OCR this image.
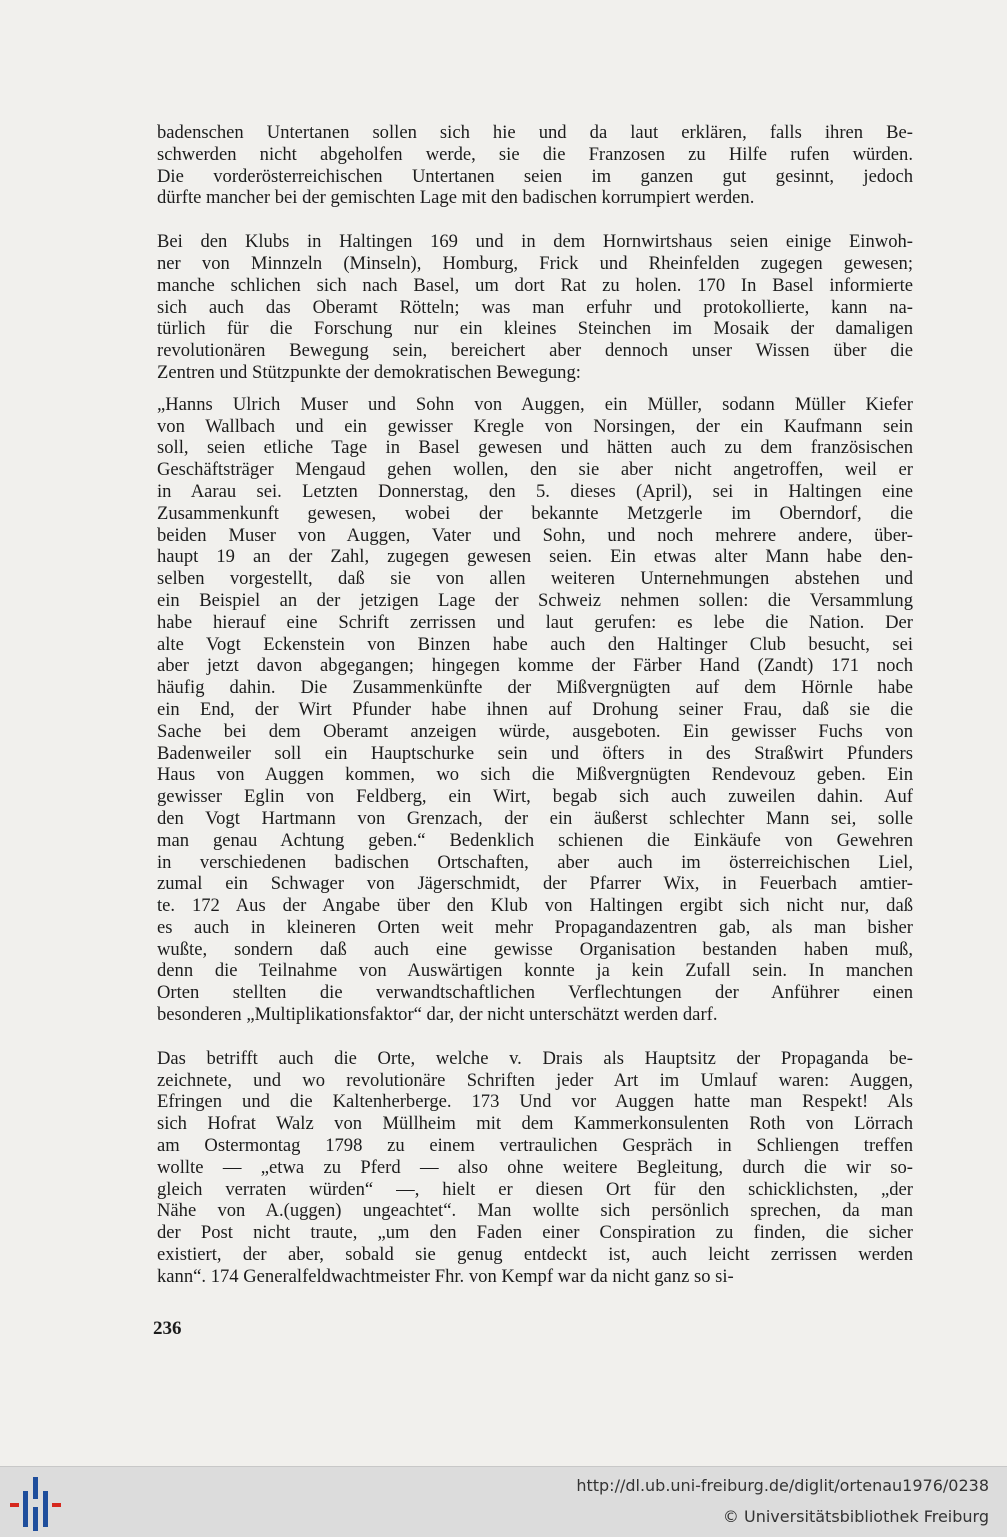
badenschen Untertanen sollen sich hie und da laut erklären, falls ihren Be-
schwerden nicht abgeholfen werde, sie die Franzosen zu Hilfe rufen würden.
Die vorderösterreichischen Untertanen seien im ganzen gut gesinnt, jedoch
dürfte mancher bei der gemischten Lage mit den badischen korrumpiert werden.

Bei den Klubs in Haltingen 169 und in dem Hornwirtshaus seien einige Einwoh-
ner von Minnzeln (Minseln), Homburg, Frick und Rheinfelden zugegen gewesen;
manche schlichen sich nach Basel, um dort Rat zu holen. 170 In Basel informierte
sich auch das Oberamt Rötteln; was man erfuhr und protokollierte, kann na-
türlich für die Forschung nur ein kleines Steinchen im Mosaik der damaligen
revolutionären Bewegung sein, bereichert aber dennoch unser Wissen über die
Zentren und Stützpunkte der demokratischen Bewegung:

„Hanns Ulrich Muser und Sohn von Auggen, ein Müller, sodann Müller Kiefer
von Wallbach und ein gewisser Kregle von Norsingen, der ein Kaufmann sein
soll, seien etliche Tage in Basel gewesen und hätten auch zu dem französischen
Geschäftsträger Mengaud gehen wollen, den sie aber nicht angetroffen, weil er
in Aarau sei. Letzten Donnerstag, den 5. dieses (April), sei in Haltingen eine
Zusammenkunft gewesen, wobei der bekannte Metzgerle im Oberndorf, die
beiden Muser von Auggen, Vater und Sohn, und noch mehrere andere, über-
haupt 19 an der Zahl, zugegen gewesen seien. Ein etwas alter Mann habe den-
selben vorgestellt, daß sie von allen weiteren Unternehmungen abstehen und
ein Beispiel an der jetzigen Lage der Schweiz nehmen sollen: die Versammlung
habe hierauf eine Schrift zerrissen und laut gerufen: es lebe die Nation. Der
alte Vogt Eckenstein von Binzen habe auch den Haltinger Club besucht, sei
aber jetzt davon abgegangen; hingegen komme der Färber Hand (Zandt) 171 noch
häufig dahin. Die Zusammenkünfte der Mißvergnügten auf dem Hörnle habe
ein End, der Wirt Pfunder habe ihnen auf Drohung seiner Frau, daß sie die
Sache bei dem Oberamt anzeigen würde, ausgeboten. Ein gewisser Fuchs von
Badenweiler soll ein Hauptschurke sein und öfters in des Straßwirt Pfunders
Haus von Auggen kommen, wo sich die Mißvergnügten Rendevouz geben. Ein
gewisser Eglin von Feldberg, ein Wirt, begab sich auch zuweilen dahin. Auf
den Vogt Hartmann von Grenzach, der ein äußerst schlechter Mann sei, solle
man genau Achtung geben.“ Bedenklich schienen die Einkäufe von Gewehren
in verschiedenen badischen Ortschaften, aber auch im österreichischen Liel,
zumal ein Schwager von Jägerschmidt, der Pfarrer Wix, in Feuerbach amtier-
te. 172 Aus der Angabe über den Klub von Haltingen ergibt sich nicht nur, daß
es auch in kleineren Orten weit mehr Propagandazentren gab, als man bisher
wußte, sondern daß auch eine gewisse Organisation bestanden haben muß,
denn die Teilnahme von Auswärtigen konnte ja kein Zufall sein. In manchen
Orten stellten die verwandtschaftlichen Verflechtungen der Anführer einen
besonderen „Multiplikationsfaktor“ dar, der nicht unterschätzt werden darf.

Das betrifft auch die Orte, welche v. Drais als Hauptsitz der Propaganda be-
zeichnete, und wo revolutionäre Schriften jeder Art im Umlauf waren: Auggen,
Efringen und die Kaltenherberge. 173 Und vor Auggen hatte man Respekt! Als
sich Hofrat Walz von Müllheim mit dem Kammerkonsulenten Roth von Lörrach
am Ostermontag 1798 zu einem vertraulichen Gespräch in Schliengen treffen
wollte — „etwa zu Pferd — also ohne weitere Begleitung, durch die wir so-
gleich verraten würden“ —, hielt er diesen Ort für den schicklichsten, „der
Nähe von A.(uggen) ungeachtet“. Man wollte sich persönlich sprechen, da man
der Post nicht traute, „um den Faden einer Conspiration zu finden, die sicher
existiert, der aber, sobald sie genug entdeckt ist, auch leicht zerrissen werden
kann“. 174 Generalfeldwachtmeister Fhr. von Kempf war da nicht ganz so si-

236
http://dl.ub.uni-freiburg.de/diglit/ortenau1976/0238
© Universitätsbibliothek Freiburg
